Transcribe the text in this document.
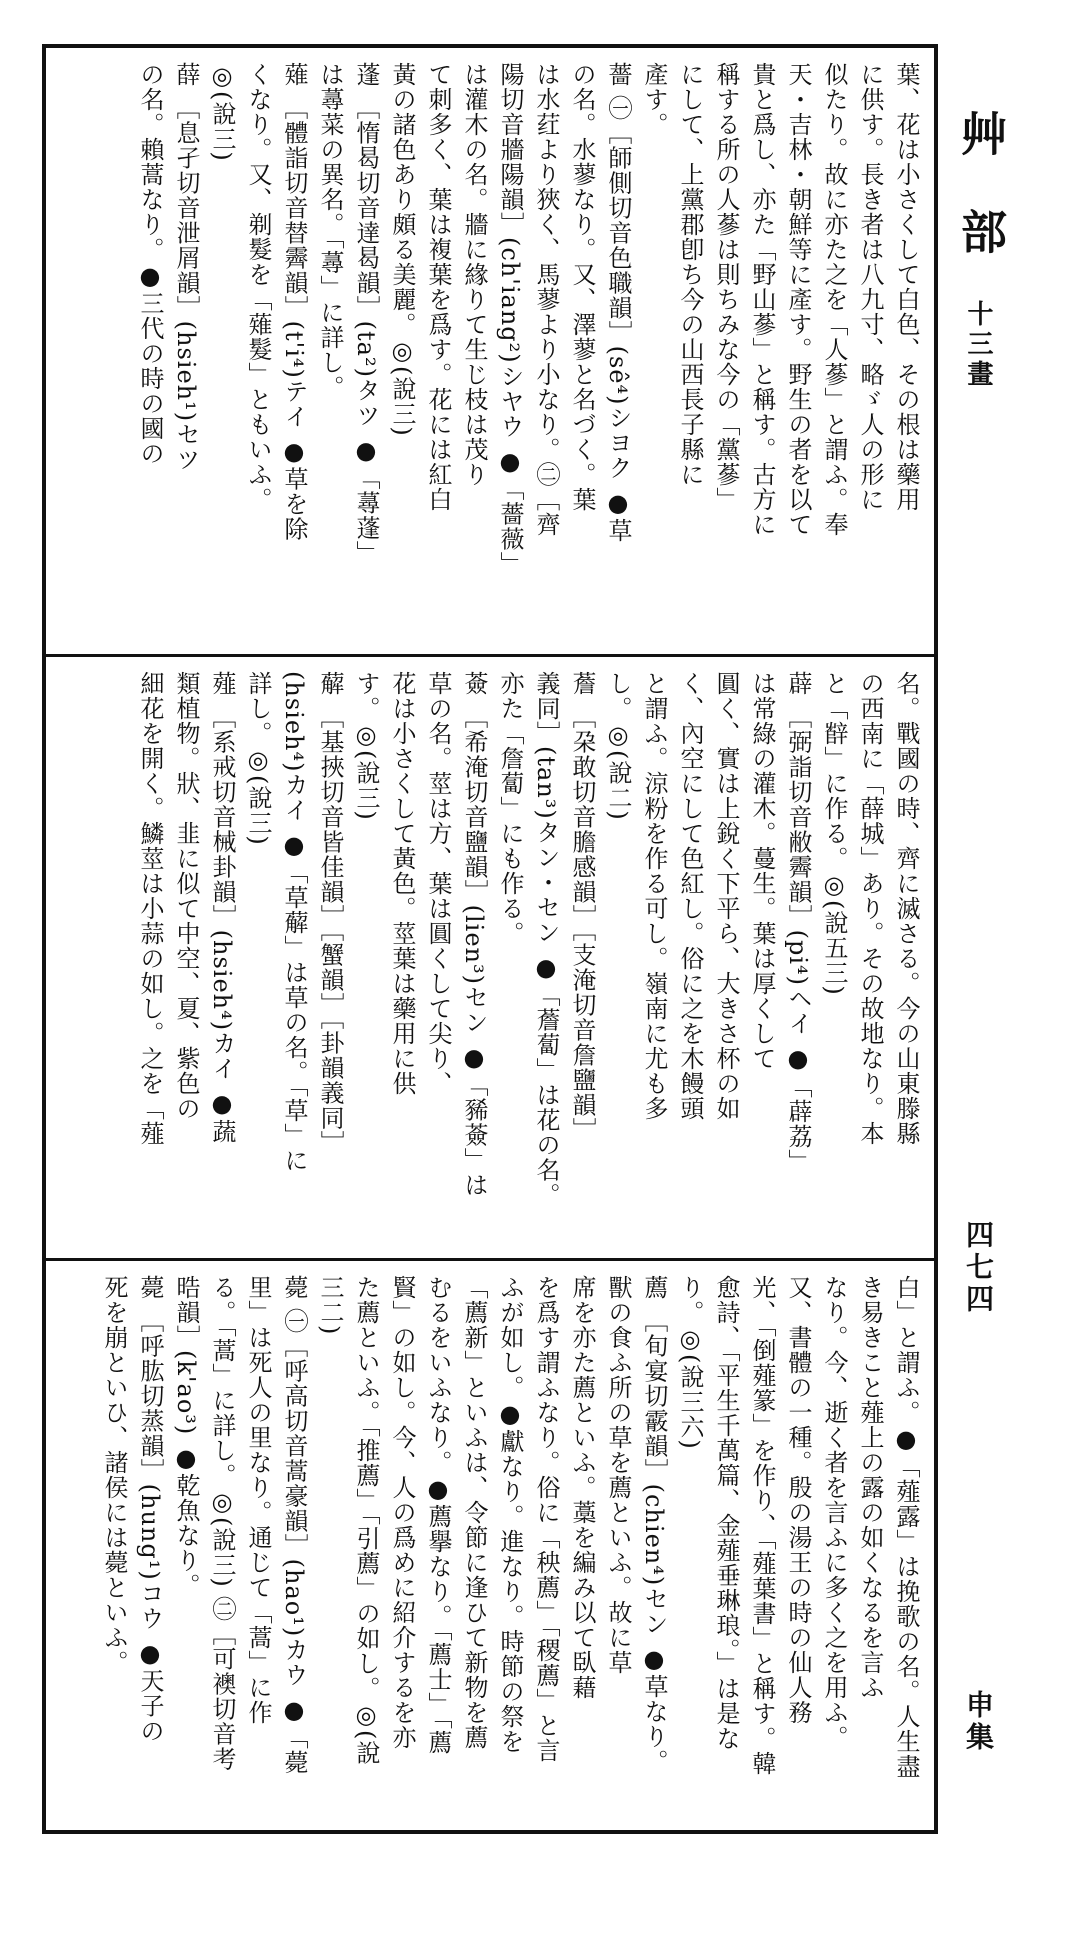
艸 部
十三畫
四七四
申集
葉、花は小さくして白色、その根は藥用
に供す。長き者は八九寸、略ゞ人の形に
似たり。故に亦た之を「人蔘」と謂ふ。奉
天・吉林・朝鮮等に產す。野生の者を以て
貴と爲し、亦た「野山蔘」と稱す。古方に
稱する所の人蔘は則ちみな今の「黨蔘」
にして、上黨郡卽ち今の山西長子縣に
產す。
薔 ㊀［師側切音色職韻］(sê⁴)シヨク ●草
の名。水蓼なり。又、澤蓼と名づく。葉
は水荭より狹く、馬蓼より小なり。㊁［齊
陽切音牆陽韻］(ch'iang²)シヤウ ●「薔薇」
は灌木の名。牆に緣りて生じ枝は茂り
て刺多く、葉は複葉を爲す。花には紅白
黃の諸色あり頗る美麗。◎(說三)
蓬 ［惰曷切音達曷韻］(ta²)タツ ●「蕁蓬」
は蕁菜の異名。「蕁」に詳し。
薙 ［體詣切音替霽韻］(t'i⁴)テイ ●草を除
くなり。又、剃髮を「薙髮」ともいふ。
◎(說三)
薛 ［息孑切音泄屑韻］(hsieh¹)セツ
の名。賴蒿なり。●三代の時の國の
名。戰國の時、齊に滅さる。今の山東滕縣
の西南に「薛城」あり。その故地なり。本
と「辥」に作る。◎(說五三)
薜 ［弼詣切音敝霽韻］(pi⁴)ヘイ ●「薜荔」
は常綠の灌木。蔓生。葉は厚くして
圓く、實は上銳く下平ら、大きさ杯の如
く、內空にして色紅し。俗に之を木饅頭
と謂ふ。涼粉を作る可し。嶺南に尤も多
し。◎(說二)
薝 ［朶敢切音膽感韻］［支淹切音詹鹽韻］
義同］(tan³)タン・セン ●「薝蔔」は花の名。
亦た「詹蔔」にも作る。
薟 ［希淹切音鹽韻］(lien³)セン ●「豨薟」は
草の名。莖は方、葉は圓くして尖り、
花は小さくして黃色。莖葉は藥用に供
す。◎(說三)
薢 ［基挾切音皆佳韻］［蟹韻］［卦韻義同］
(hsieh⁴)カイ ●「草薢」は草の名。「草」に
詳し。◎(說三)
薤 ［系戒切音械卦韻］(hsieh⁴)カイ ●蔬
類植物。狀、韭に似て中空、夏、紫色の
細花を開く。鱗莖は小蒜の如し。之を「薤
白」と謂ふ。●「薤露」は挽歌の名。人生盡
き易きこと薤上の露の如くなるを言ふ
なり。今、逝く者を言ふに多く之を用ふ。
又、書體の一種。殷の湯王の時の仙人務
光、「倒薤篆」を作り、「薤葉書」と稱す。韓
愈詩、「平生千萬篇、金薤垂琳琅。」は是な
り。◎(說三六)
薦 ［旬宴切霰韻］(chien⁴)セン ●草なり。
獸の食ふ所の草を薦といふ。故に草
席を亦た薦といふ。藁を編み以て臥藉
を爲す謂ふなり。俗に「秧薦」「稷薦」と言
ふが如し。●獻なり。進なり。時節の祭を
「薦新」といふは、令節に逢ひて新物を薦
むるをいふなり。●薦擧なり。「薦士」「薦
賢」の如し。今、人の爲めに紹介するを亦
た薦といふ。「推薦」「引薦」の如し。◎(說
三二)
薨 ㊀［呼高切音蒿豪韻］(hao¹)カウ ●「薨
里」は死人の里なり。通じて「蒿」に作
る。「蒿」に詳し。◎(說三) ㊁［可襖切音考
晧韻］(k'ao³) ●乾魚なり。
薨 ［呼肱切蒸韻］(hung¹)コウ ●天子の
死を崩といひ、諸侯には薨といふ。
